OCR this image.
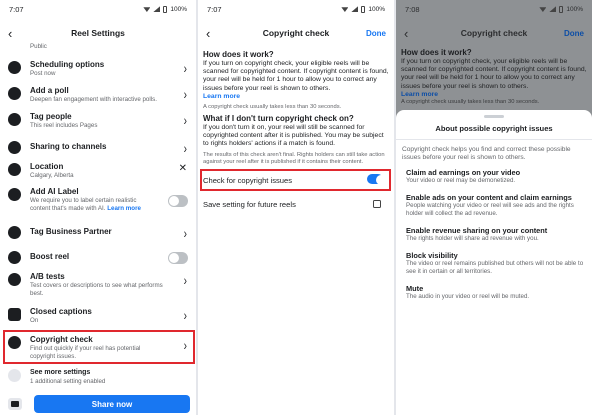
7:07	100%
‹	Reel Settings
Public
Scheduling options
Post now	›
Add a poll
Deepen fan engagement with interactive polls.	›
Tag people
This reel includes Pages	›
Sharing to channels	›
Location
Calgary, Alberta
✕
Add AI Label
We require you to label certain realistic content that's made with AI. Learn more
Tag Business Partner	›
Boost reel
A/B tests
Test covers or descriptions to see what performs best.
›
Closed captions
On	›
Copyright check
Find out quickly if your reel has potential copyright issues.
›
See more settings
1 additional setting enabled
Share now
7:07	100%
‹	Copyright check	Done
How does it work?
If you turn on copyright check, your eligible reels will be scanned for copyrighted content. If copyright content is found, your reel will be held for 1 hour to allow you to correct any issues before your reel is shown to others.
Learn more
A copyright check usually takes less than 30 seconds.
What if I don't turn copyright check on?
If you don't turn it on, your reel will still be scanned for copyrighted content after it is published. You may be subject to rights holders' actions if a match is found.
The results of this check aren't final. Rights holders can still take action against your reel after it is published if it contains their content.
Check for copyright issues
Save setting for future reels
7:08	100%
‹	Copyright check	Done
How does it work?
If you turn on copyright check, your eligible reels will be scanned for copyrighted content. If copyright content is found, your reel will be held for 1 hour to allow you to correct any issues before your reel is shown to others.
Learn more
A copyright check usually takes less than 30 seconds.
About possible copyright issues
Copyright check helps you find and correct these possible issues before your reel is shown to others.
Claim ad earnings on your video
Your video or reel may be demonetized.
Enable ads on your content and claim earnings
People watching your video or reel will see ads and the rights holder will collect the ad revenue.
Enable revenue sharing on your content
The rights holder will share ad revenue with you.
Block visibility
The video or reel remains published but others will not be able to see it in certain or all territories.
Mute
The audio in your video or reel will be muted.
